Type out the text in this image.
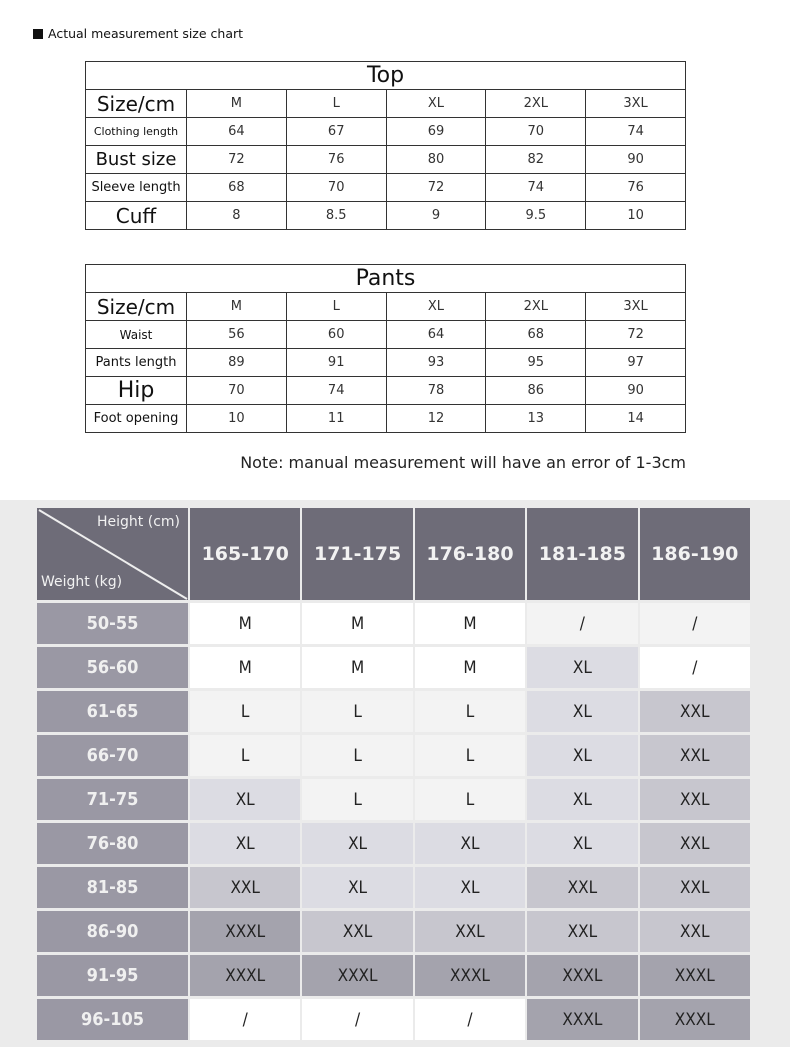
Actual measurement size chart
Top					
Size/cm	M	L	XL	2XL	3XL
Clothing length	64	67	69	70	74
Bust size	72	76	80	82	90
Sleeve length	68	70	72	74	76
Cuff	8	8.5	9	9.5	10
Pants					
Size/cm	M	L	XL	2XL	3XL
Waist	56	60	64	68	72
Pants length	89	91	93	95	97
Hip	70	74	78	86	90
Foot opening	10	11	12	13	14
Note: manual measurement will have an error of 1-3cm
Height (cm)
Weight (kg)	165-170	171-175	176-180	181-185	186-190
50-55	M	M	M	/	/
56-60	M	M	M	XL	/
61-65	L	L	L	XL	XXL
66-70	L	L	L	XL	XXL
71-75	XL	L	L	XL	XXL
76-80	XL	XL	XL	XL	XXL
81-85	XXL	XL	XL	XXL	XXL
86-90	XXXL	XXL	XXL	XXL	XXL
91-95	XXXL	XXXL	XXXL	XXXL	XXXL
96-105	/	/	/	XXXL	XXXL
